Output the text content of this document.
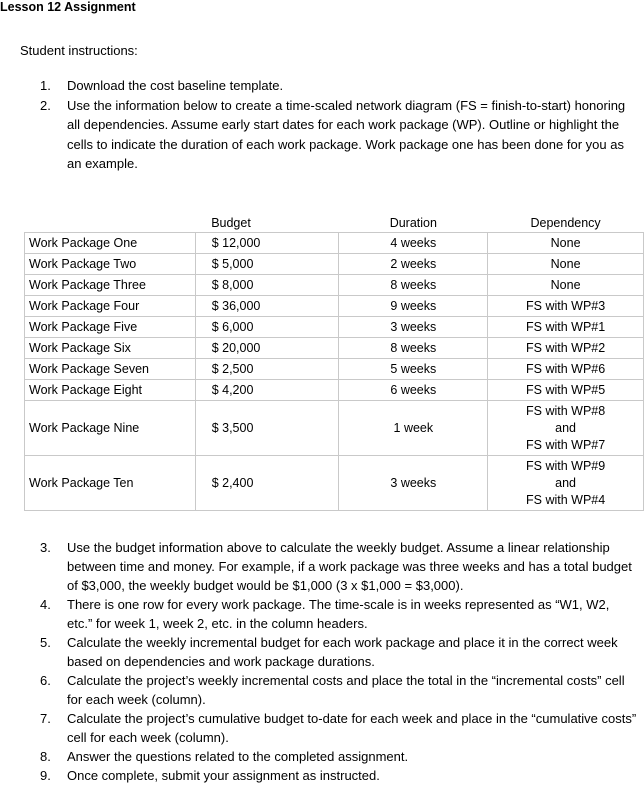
Lesson 12 Assignment
Student instructions:
1.	Download the cost baseline template.
2.	Use the information below to create a time-scaled network diagram (FS = finish-to-start) honoring all dependencies. Assume early start dates for each work package (WP). Outline or highlight the cells to indicate the duration of each work package. Work package one has been done for you as an example.
	Budget	Duration	Dependency
Work Package One	$ 12,000	4 weeks	None
Work Package Two	$ 5,000	2 weeks	None
Work Package Three	$ 8,000	8 weeks	None
Work Package Four	$ 36,000	9 weeks	FS with WP#3
Work Package Five	$ 6,000	3 weeks	FS with WP#1
Work Package Six	$ 20,000	8 weeks	FS with WP#2
Work Package Seven	$ 2,500	5 weeks	FS with WP#6
Work Package Eight	$ 4,200	6 weeks	FS with WP#5
Work Package Nine	$ 3,500	1 week	FS with WP#8
and
FS with WP#7

Work Package Ten	$ 2,400	3 weeks	FS with WP#9
and
FS with WP#4
3.	Use the budget information above to calculate the weekly budget. Assume a linear relationship between time and money. For example, if a work package was three weeks and has a total budget of $3,000, the weekly budget would be $1,000 (3 x $1,000 = $3,000).
4.	There is one row for every work package. The time-scale is in weeks represented as “W1, W2, etc.” for week 1, week 2, etc. in the column headers.
5.	Calculate the weekly incremental budget for each work package and place it in the correct week based on dependencies and work package durations.
6.	Calculate the project’s weekly incremental costs and place the total in the “incremental costs” cell for each week (column).
7.	Calculate the project’s cumulative budget to-date for each week and place in the “cumulative costs” cell for each week (column).
8.	Answer the questions related to the completed assignment.
9.	Once complete, submit your assignment as instructed.
